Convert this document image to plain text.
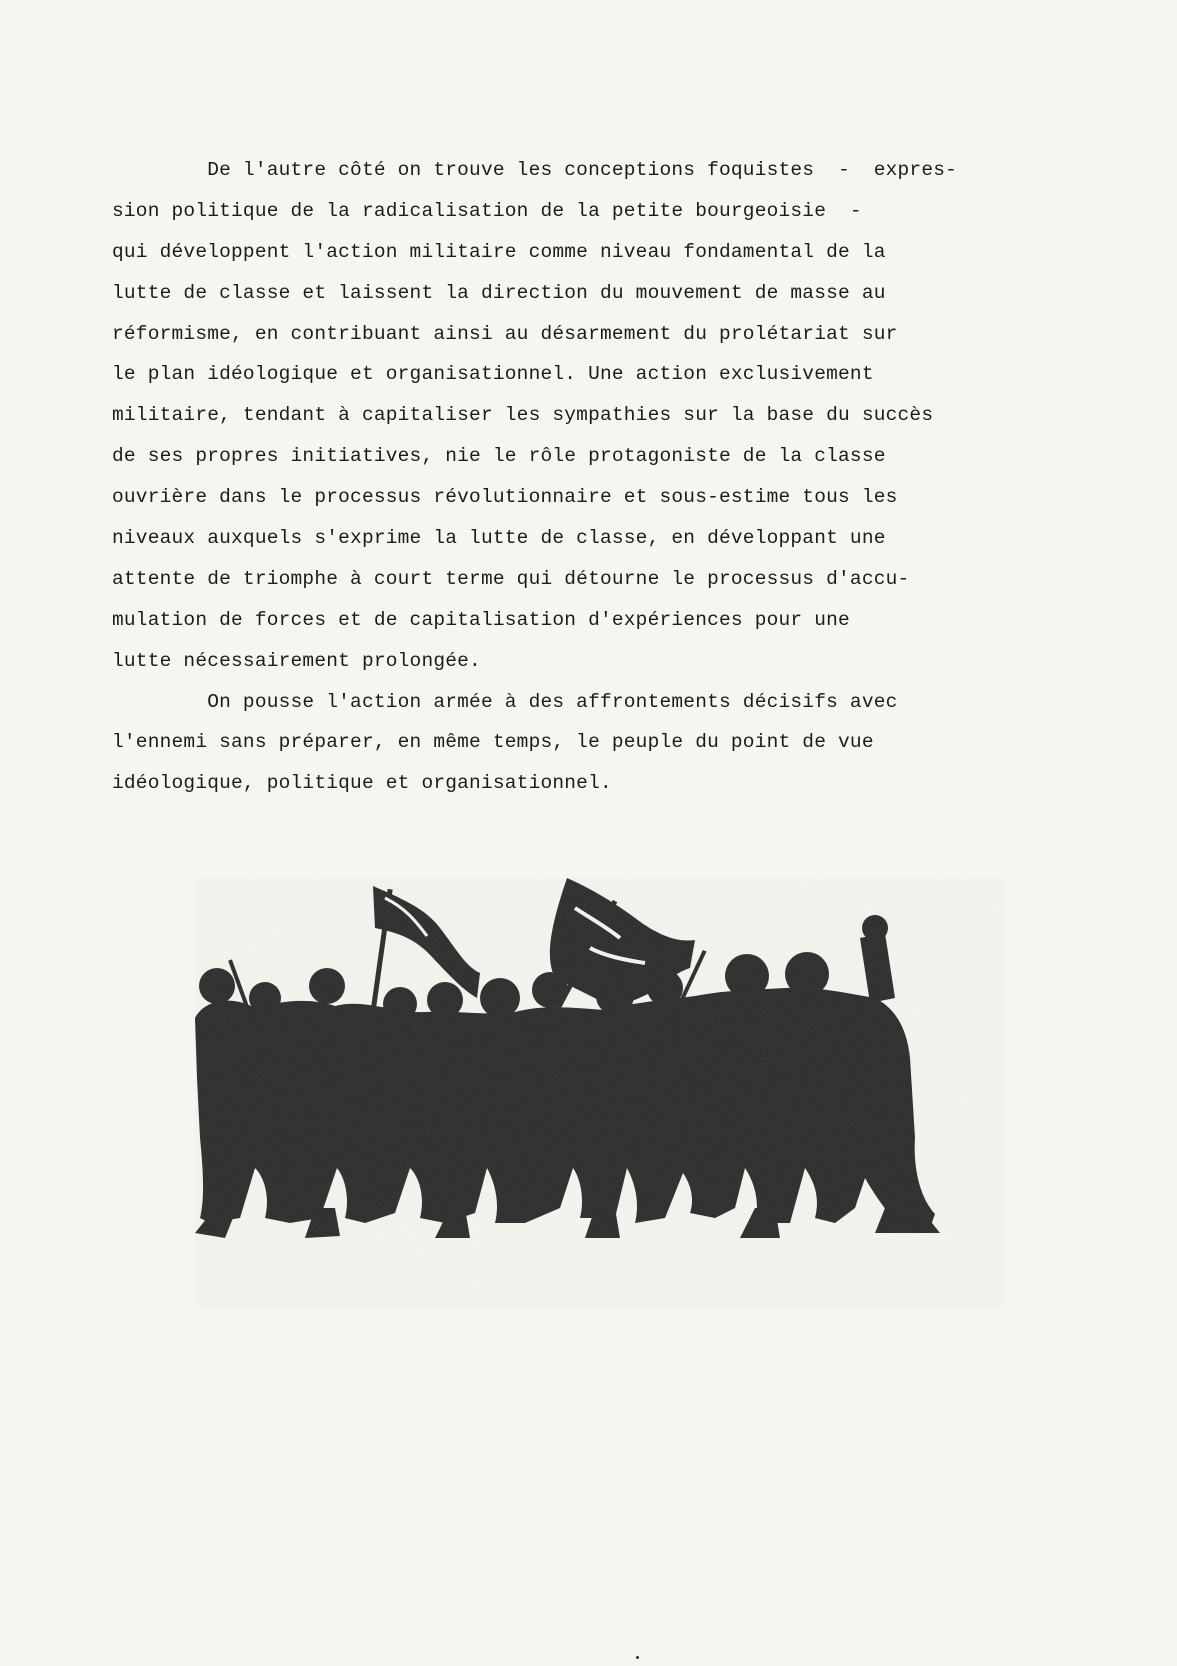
De l'autre côté on trouve les conceptions foquistes  -  expres-
sion politique de la radicalisation de la petite bourgeoisie  -
qui développent l'action militaire comme niveau fondamental de la
lutte de classe et laissent la direction du mouvement de masse au
réformisme, en contribuant ainsi au désarmement du prolétariat sur
le plan idéologique et organisationnel. Une action exclusivement
militaire, tendant à capitaliser les sympathies sur la base du succès
de ses propres initiatives, nie le rôle protagoniste de la classe
ouvrière dans le processus révolutionnaire et sous-estime tous les
niveaux auxquels s'exprime la lutte de classe, en développant une
attente de triomphe à court terme qui détourne le processus d'accu-
mulation de forces et de capitalisation d'expériences pour une
lutte nécessairement prolongée.
On pousse l'action armée à des affrontements décisifs avec
l'ennemi sans préparer, en même temps, le peuple du point de vue
idéologique, politique et organisationnel.
